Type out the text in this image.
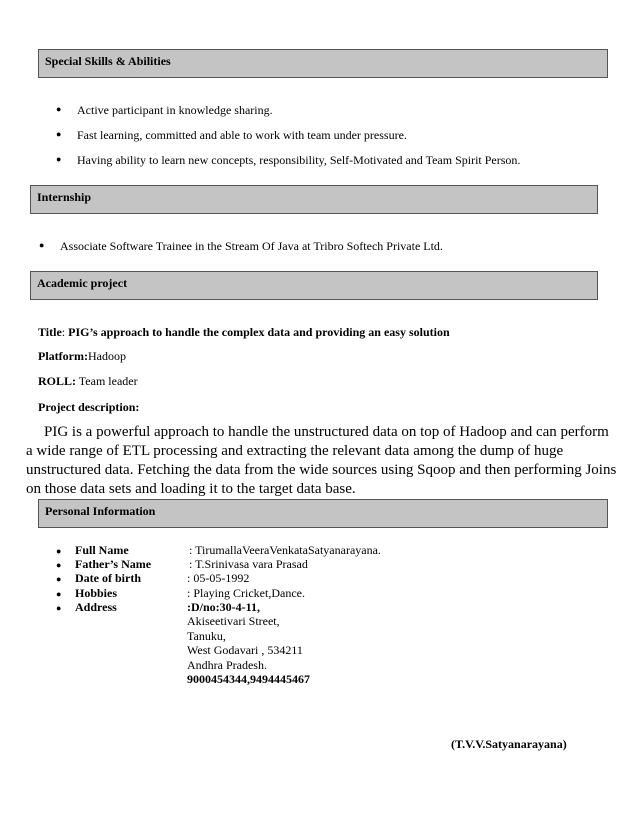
Special Skills & Abilities
● Active participant in knowledge sharing.
● Fast learning, committed and able to work with team under pressure.
● Having ability to learn new concepts, responsibility, Self-Motivated and Team Spirit Person.
Internship
● Associate Software Trainee in the Stream Of Java at Tribro Softech Private Ltd.
Academic project
Title: PIG’s approach to handle the complex data and providing an easy solution
Platform:Hadoop
ROLL: Team leader
Project description:
PIG is a powerful approach to handle the unstructured data on top of Hadoop and can perform a wide range of ETL processing and extracting the relevant data among the dump of huge unstructured data. Fetching the data from the wide sources using Sqoop and then performing Joins on those data sets and loading it to the target data base.
Personal Information
Full Name	: TirumallaVeeraVenkataSatyanarayana.
Father’s Name	: T.Srinivasa vara Prasad
Date of birth	: 05-05-1992
Hobbies	: Playing Cricket,Dance.
Address	:D/no:30-4-11,
Akiseetivari Street,
Tanuku,
West Godavari , 534211
Andhra Pradesh.
9000454344,9494445467
(T.V.V.Satyanarayana)
